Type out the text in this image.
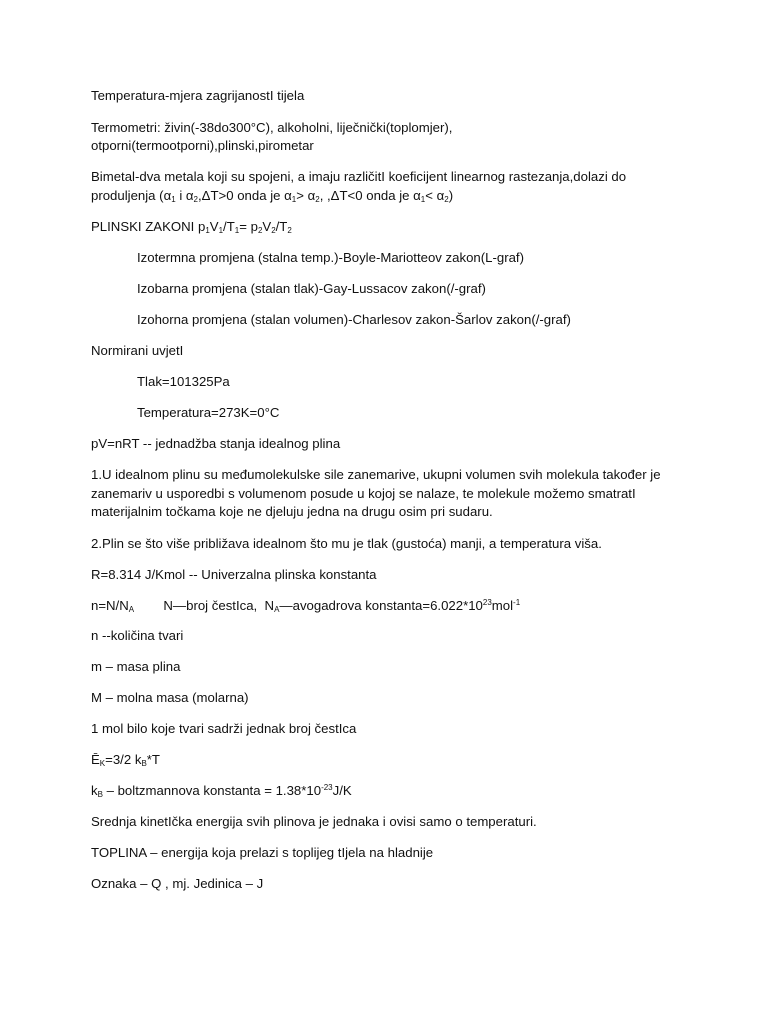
Temperatura-mjera zagrijanostI tijela
Termometri: živin(-38do300°C), alkoholni, liječnički(toplomjer),
otporni(termootporni),plinski,pirometar
Bimetal-dva metala koji su spojeni, a imaju različitI koeficijent linearnog rastezanja,dolazi do
produljenja ($\alpha_1$ i $\alpha_2,\Delta T>0$ onda je $\alpha_1> \alpha_2$, ,ΔT<0 onda je $\alpha_1< \alpha_2$)
PLINSKI ZAKONI $p_1V_1/T_1= p_2V_2/T_2$
Izotermna promjena (stalna temp.)-Boyle-Mariotteov zakon(L-graf)
Izobarna promjena (stalan tlak)-Gay-Lussacov zakon(/-graf)
Izohorna promjena (stalan volumen)-Charlesov zakon-Šarlov zakon(/-graf)
Normirani uvjetI
Tlak=101325Pa
Temperatura=273K=0°C
pV=nRT -- jednadžba stanja idealnog plina
1.U idealnom plinu su međumolekulske sile zanemarive, ukupni volumen svih molekula također je
zanemariv u usporedbi s volumenom posude u kojoj se nalaze, te molekule možemo smatratI
materijalnim točkama koje ne djeluju jedna na drugu osim pri sudaru.
2.Plin se što više približava idealnom što mu je tlak (gustoća) manji, a temperatura viša.
R=8.314 J/Kmol -- Univerzalna plinska konstanta
$n=N/N_A$        N—broj čestIca,  $N_A—avogadrova$ $konstanta=6.022*10^{23}mol^{-1}$
n --količina tvari
m – masa plina
M – molna masa (molarna)
1 mol bilo koje tvari sadrži jednak broj čestIca
$Ē_K=3/2$ $k_B*T$
$k_B$ – boltzmannova konstanta = $1.38*10^{-23}J/K$
Srednja kinetIčka energija svih plinova je jednaka i ovisi samo o temperaturi.
TOPLINA – energija koja prelazi s toplijeg tIjela na hladnije
Oznaka – Q , mj. Jedinica – J
